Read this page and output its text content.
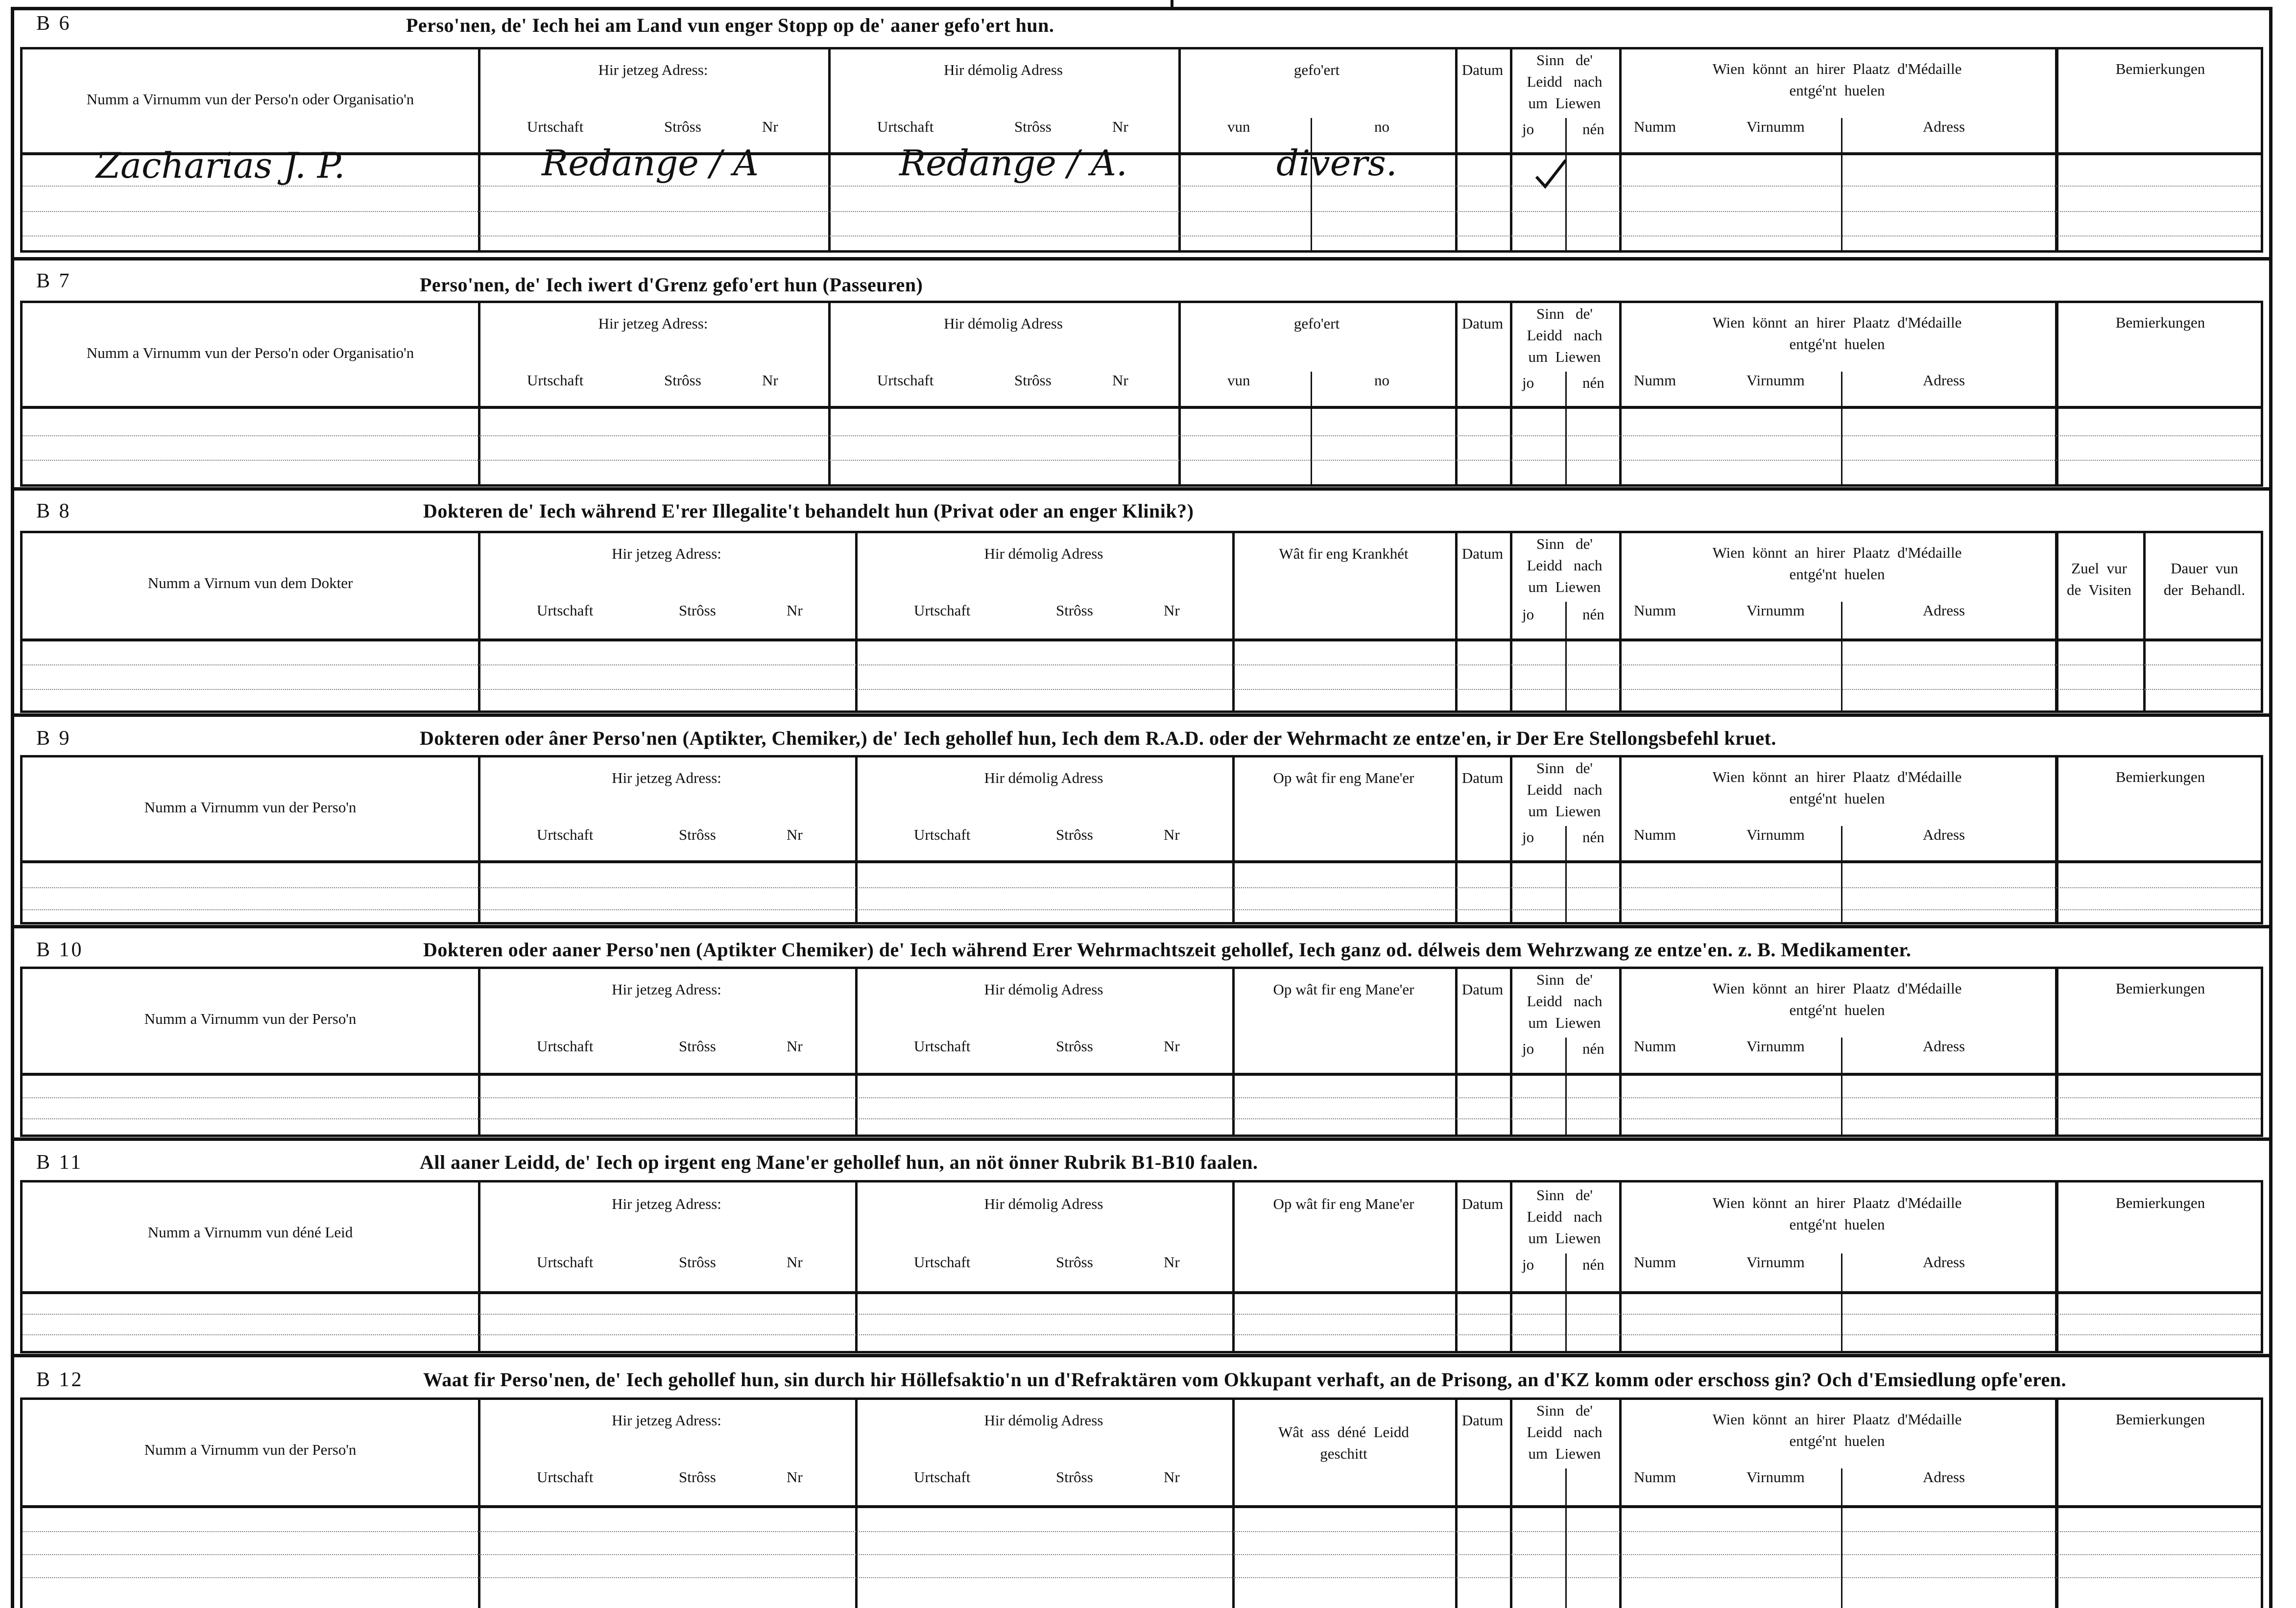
B 6	Perso'nen, de' Iech hei am Land vun enger Stopp op de' aaner gefo'ert hun.
Numm a Virnumm vun der Perso'n oder Organisatio'n
Hir jetzeg Adress:
Urtschaft	Strôss	Nr
Hir démolig Adress
Urtschaft	Strôss	Nr
gefo'ert
vun	no
Datum
Sinn   de'
Leidd   nach
um  Liewen
jo	nén
Wien  könnt  an  hirer  Plaatz  d'Médaille
entgé'nt  huelen
Numm	Virnumm	Adress
Bemierkungen
Zacharias J. P.	Redange / A	Redange / A.	divers.
B 7	Perso'nen, de' Iech iwert d'Grenz gefo'ert hun (Passeuren)
Numm a Virnumm vun der Perso'n oder Organisatio'n
Hir jetzeg Adress:
Urtschaft	Strôss	Nr
Hir démolig Adress
Urtschaft	Strôss	Nr
gefo'ert
vun	no
Datum
Sinn   de'
Leidd   nach
um  Liewen
jo	nén
Wien  könnt  an  hirer  Plaatz  d'Médaille
entgé'nt  huelen
Numm	Virnumm	Adress
Bemierkungen
B 8	Dokteren de' Iech während E'rer Illegalite't behandelt hun (Privat oder an enger Klinik?)
Numm a Virnum vun dem Dokter
Hir jetzeg Adress:
Urtschaft	Strôss	Nr
Hir démolig Adress
Urtschaft	Strôss	Nr
Wât fir eng Krankhét	Datum
Sinn   de'
Leidd   nach
um  Liewen
jo	nén
Wien  könnt  an  hirer  Plaatz  d'Médaille
entgé'nt  huelen
Numm	Virnumm	Adress
Zuel  vur
de  Visiten
Dauer  vun
der  Behandl.
B 9	Dokteren oder âner Perso'nen (Aptikter, Chemiker,) de' Iech gehollef hun, Iech dem R.A.D. oder der Wehrmacht ze entze'en, ir Der Ere Stellongsbefehl kruet.
Numm a Virnumm vun der Perso'n
Hir jetzeg Adress:
Urtschaft	Strôss	Nr
Hir démolig Adress
Urtschaft	Strôss	Nr
Op wât fir eng Mane'er	Datum
Sinn   de'
Leidd   nach
um  Liewen
jo	nén
Wien  könnt  an  hirer  Plaatz  d'Médaille
entgé'nt  huelen
Numm	Virnumm	Adress
Bemierkungen
B 10	Dokteren oder aaner Perso'nen (Aptikter Chemiker) de' Iech während Erer Wehrmachtszeit gehollef, Iech ganz od. délweis dem Wehrzwang ze entze'en. z. B. Medikamenter.
Numm a Virnumm vun der Perso'n
Hir jetzeg Adress:
Urtschaft	Strôss	Nr
Hir démolig Adress
Urtschaft	Strôss	Nr
Op wât fir eng Mane'er	Datum
Sinn   de'
Leidd   nach
um  Liewen
jo	nén
Wien  könnt  an  hirer  Plaatz  d'Médaille
entgé'nt  huelen
Numm	Virnumm	Adress
Bemierkungen
B 11	All aaner Leidd, de' Iech op irgent eng Mane'er gehollef hun, an nöt önner Rubrik B1-B10 faalen.
Numm a Virnumm vun déné Leid
Hir jetzeg Adress:
Urtschaft	Strôss	Nr
Hir démolig Adress
Urtschaft	Strôss	Nr
Op wât fir eng Mane'er	Datum
Sinn   de'
Leidd   nach
um  Liewen
jo	nén
Wien  könnt  an  hirer  Plaatz  d'Médaille
entgé'nt  huelen
Numm	Virnumm	Adress
Bemierkungen
B 12	Waat fir Perso'nen, de' Iech gehollef hun, sin durch hir Höllefsaktio'n un d'Refraktären vom Okkupant verhaft, an de Prisong, an d'KZ komm oder erschoss gin? Och d'Emsiedlung opfe'eren.
Numm a Virnumm vun der Perso'n
Hir jetzeg Adress:
Urtschaft	Strôss	Nr
Hir démolig Adress
Urtschaft	Strôss	Nr
Wât  ass  déné  Leidd
geschitt
Datum
Sinn   de'
Leidd   nach
um  Liewen
Wien  könnt  an  hirer  Plaatz  d'Médaille
entgé'nt  huelen
Numm	Virnumm	Adress
Bemierkungen
